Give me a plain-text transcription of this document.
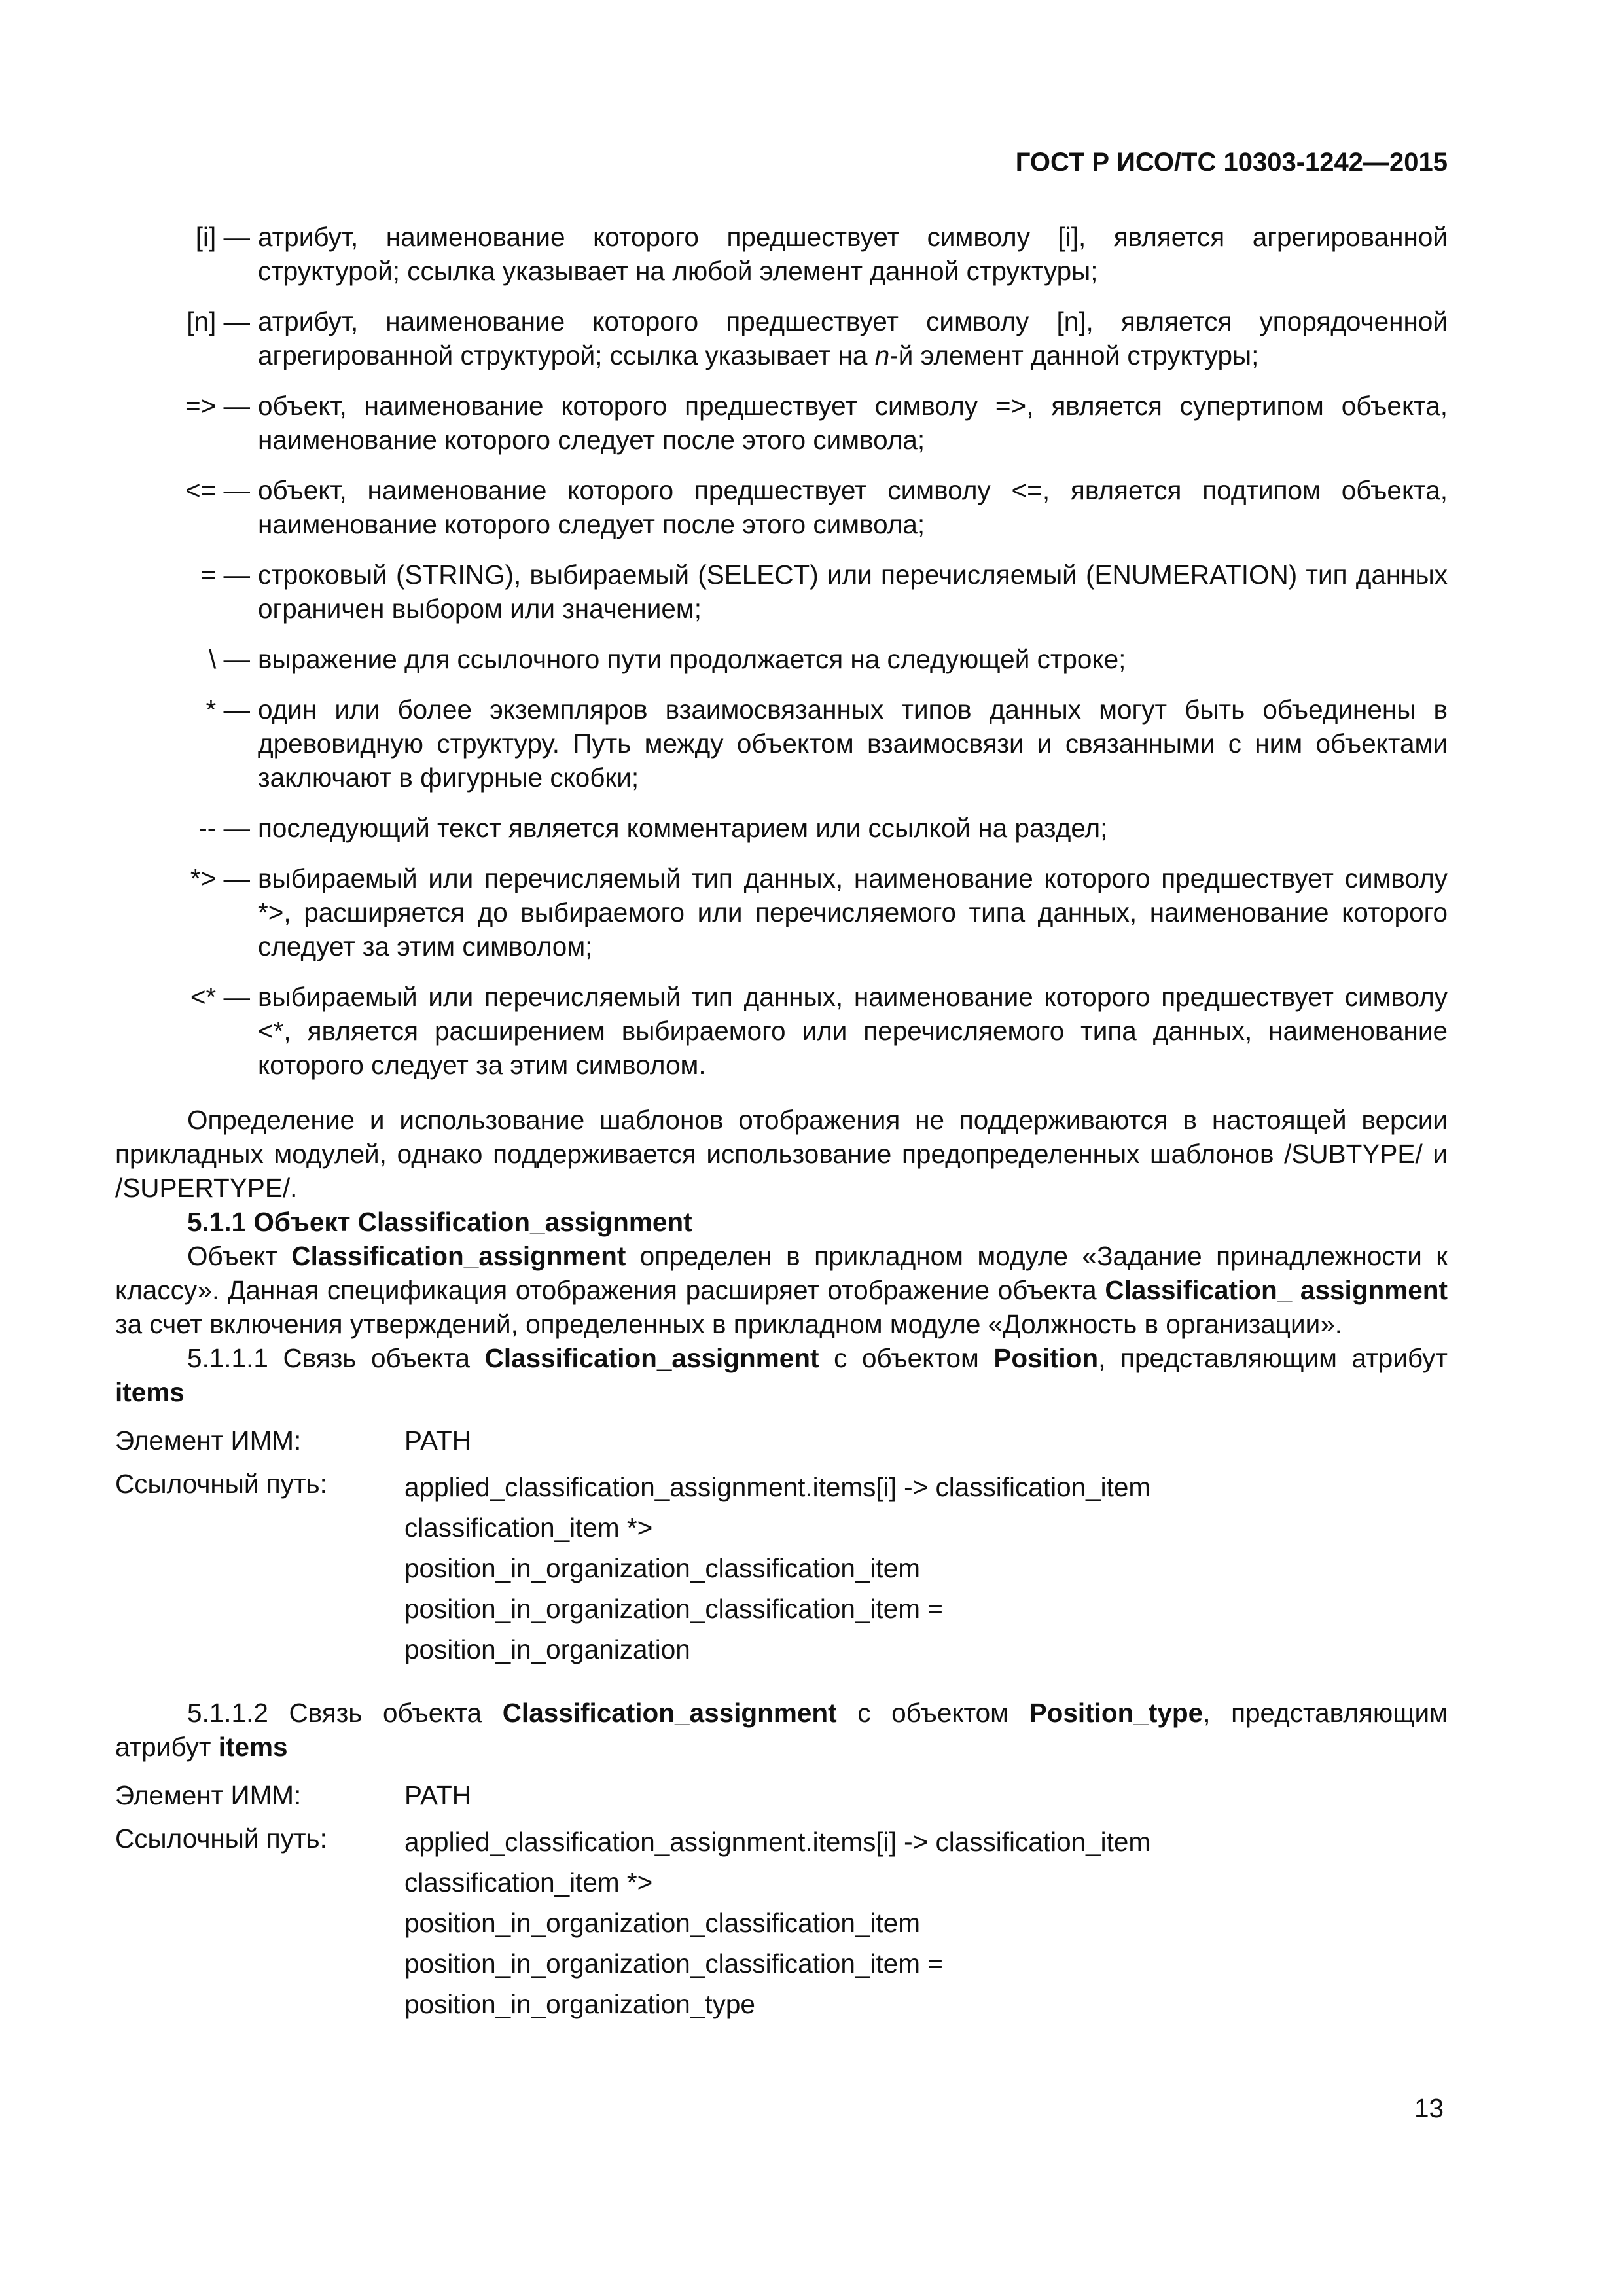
ГОСТ Р ИСО/ТС 10303-1242—2015
[i] — атрибут, наименование которого предшествует символу [i], является агрегированной структурой; ссылка указывает на любой элемент данной структуры;
[n] — атрибут, наименование которого предшествует символу [n], является упорядоченной агрегированной структурой; ссылка указывает на n-й элемент данной структуры;
=> — объект, наименование которого предшествует символу =>, является супертипом объекта, наименование которого следует после этого символа;
<= — объект, наименование которого предшествует символу <=, является подтипом объекта, наименование которого следует после этого символа;
= — строковый (STRING), выбираемый (SELECT) или перечисляемый (ENUMERATION) тип данных ограничен выбором или значением;
\ — выражение для ссылочного пути продолжается на следующей строке;
* — один или более экземпляров взаимосвязанных типов данных могут быть объединены в древовидную структуру. Путь между объектом взаимосвязи и связанными с ним объектами заключают в фигурные скобки;
-- — последующий текст является комментарием или ссылкой на раздел;
*> — выбираемый или перечисляемый тип данных, наименование которого предшествует символу *>, расширяется до выбираемого или перечисляемого типа данных, наименование которого следует за этим символом;
<* — выбираемый или перечисляемый тип данных, наименование которого предшествует символу <*, является расширением выбираемого или перечисляемого типа данных, наименование которого следует за этим символом.

Определение и использование шаблонов отображения не поддерживаются в настоящей версии прикладных модулей, однако поддерживается использование предопределенных шаблонов /SUBTYPE/ и /SUPERTYPE/.

5.1.1 Объект Classification_assignment

Объект Classification_assignment определен в прикладном модуле «Задание принадлежности к классу». Данная спецификация отображения расширяет отображение объекта Classification_ assignment за счет включения утверждений, определенных в прикладном модуле «Должность в организации».

5.1.1.1 Связь объекта Classification_assignment с объектом Position, представляющим атрибут items

Элемент ИММ:	PATH
Ссылочный путь:	applied_classification_assignment.items[i] -> classification_item
classification_item *>
position_in_organization_classification_item
position_in_organization_classification_item =
position_in_organization

5.1.1.2 Связь объекта Classification_assignment с объектом Position_type, представляющим атрибут items

Элемент ИММ:	PATH
Ссылочный путь:	applied_classification_assignment.items[i] -> classification_item
classification_item *>
position_in_organization_classification_item
position_in_organization_classification_item =
position_in_organization_type
13
